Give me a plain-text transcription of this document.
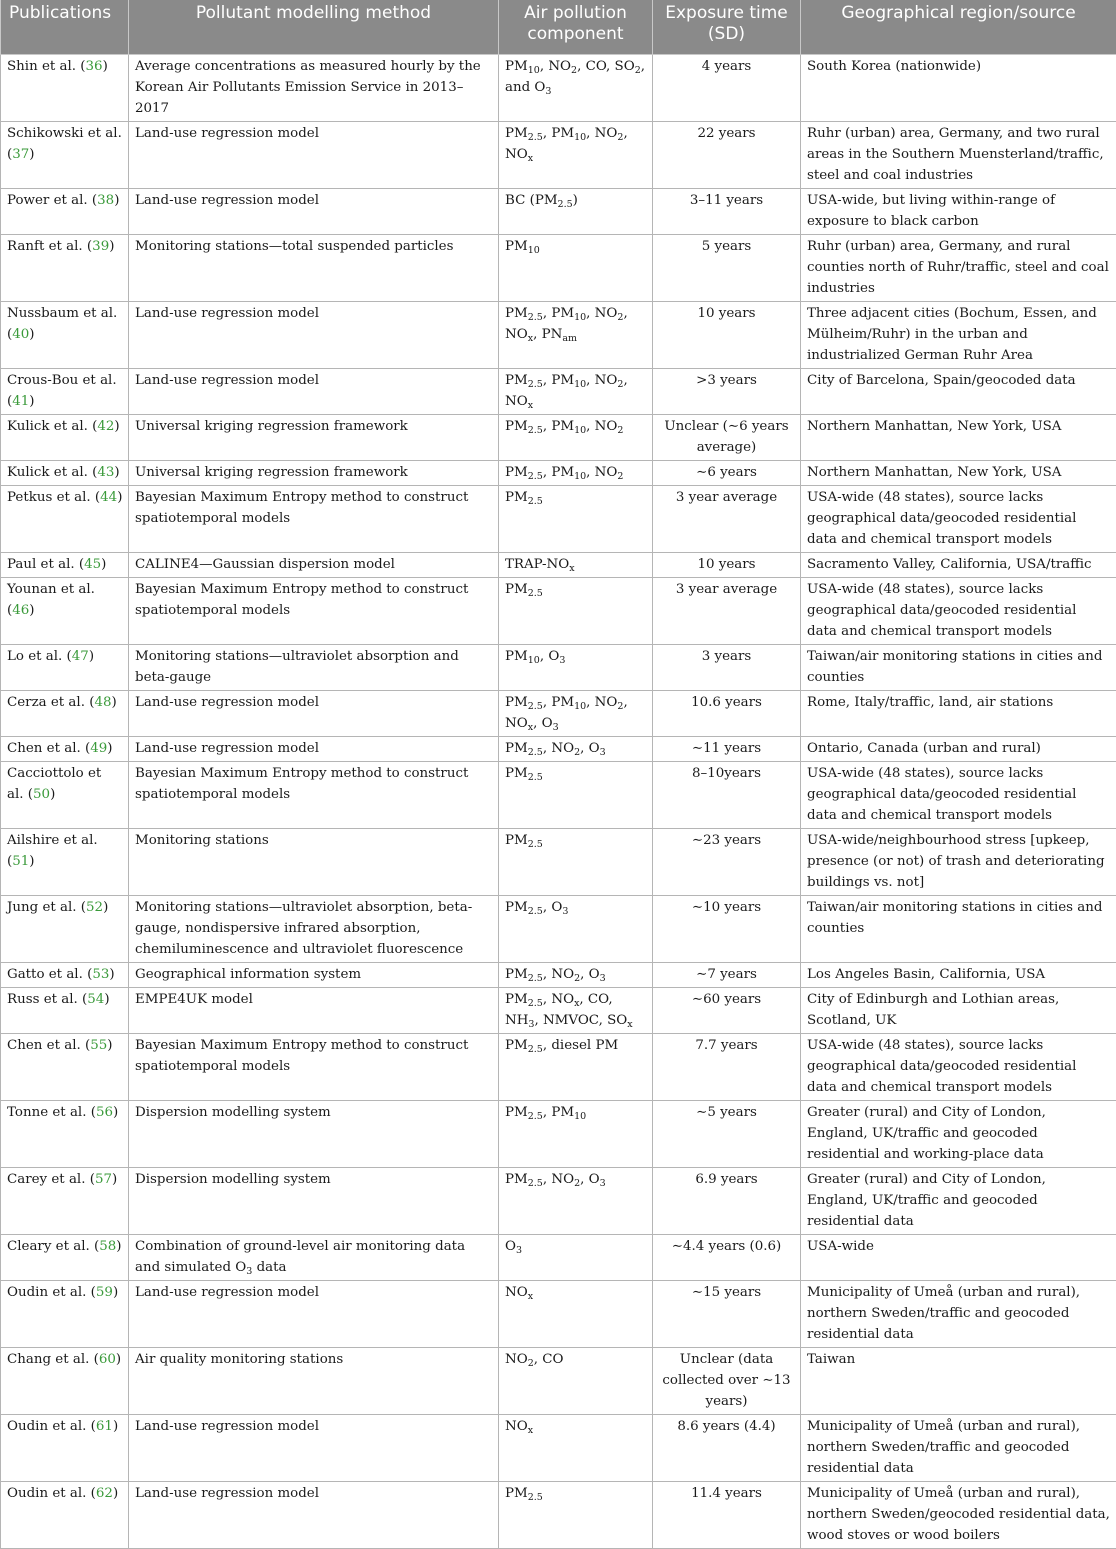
Publications	Pollutant modelling method	Air pollution component	Exposure time (SD)	Geographical region/source
Shin et al. (36)	Average concentrations as measured hourly by the Korean Air Pollutants Emission Service in 2013–2017	$PM_{10}$, $NO_2$, CO, $SO_2$, and $O_3$	4 years	South Korea (nationwide)
Schikowski et al. (37)	Land-use regression model	$PM_{2.5}$, $PM_{10}$, $NO_2$, $NO_x$	22 years	Ruhr (urban) area, Germany, and two rural areas in the Southern Muensterland/traffic, steel and coal industries
Power et al. (38)	Land-use regression model	BC $(PM_{2.5})$	3–11 years	USA-wide, but living within-range of exposure to black carbon
Ranft et al. (39)	Monitoring stations—total suspended particles	$PM_{10}$	5 years	Ruhr (urban) area, Germany, and rural counties north of Ruhr/traffic, steel and coal industries
Nussbaum et al. (40)	Land-use regression model	$PM_{2.5}$, $PM_{10}$, $NO_2$, $NO_x$, $PN_{am}$	10 years	Three adjacent cities (Bochum, Essen, and Mülheim/Ruhr) in the urban and industrialized German Ruhr Area
Crous-Bou et al. (41)	Land-use regression model	$PM_{2.5}$, $PM_{10}$, $NO_2$, $NO_x$	>3 years	City of Barcelona, Spain/geocoded data
Kulick et al. (42)	Universal kriging regression framework	$PM_{2.5}$, $PM_{10}$, $NO_2$	Unclear (∼6 years average)	Northern Manhattan, New York, USA
Kulick et al. (43)	Universal kriging regression framework	$PM_{2.5}$, $PM_{10}$, $NO_2$	∼6 years	Northern Manhattan, New York, USA
Petkus et al. (44)	Bayesian Maximum Entropy method to construct spatiotemporal models	$PM_{2.5}$	3 year average	USA-wide (48 states), source lacks geographical data/geocoded residential data and chemical transport models
Paul et al. (45)	CALINE4—Gaussian dispersion model	TRAP-$NO_x$	10 years	Sacramento Valley, California, USA/traffic
Younan et al. (46)	Bayesian Maximum Entropy method to construct spatiotemporal models	$PM_{2.5}$	3 year average	USA-wide (48 states), source lacks geographical data/geocoded residential data and chemical transport models
Lo et al. (47)	Monitoring stations—ultraviolet absorption and beta-gauge	$PM_{10}$, $O_3$	3 years	Taiwan/air monitoring stations in cities and counties
Cerza et al. (48)	Land-use regression model	$PM_{2.5}$, $PM_{10}$, $NO_2$, $NO_x$, $O_3$	10.6 years	Rome, Italy/traffic, land, air stations
Chen et al. (49)	Land-use regression model	$PM_{2.5}$, $NO_2$, $O_3$	∼11 years	Ontario, Canada (urban and rural)
Cacciottolo et al. (50)	Bayesian Maximum Entropy method to construct spatiotemporal models	$PM_{2.5}$	8–10years	USA-wide (48 states), source lacks geographical data/geocoded residential data and chemical transport models
Ailshire et al. (51)	Monitoring stations	$PM_{2.5}$	∼23 years	USA-wide/neighbourhood stress [upkeep, presence (or not) of trash and deteriorating buildings vs. not]
Jung et al. (52)	Monitoring stations—ultraviolet absorption, beta-gauge, nondispersive infrared absorption, chemiluminescence and ultraviolet fluorescence	$PM_{2.5}$, $O_3$	∼10 years	Taiwan/air monitoring stations in cities and counties
Gatto et al. (53)	Geographical information system	$PM_{2.5}$, $NO_2$, $O_3$	∼7 years	Los Angeles Basin, California, USA
Russ et al. (54)	EMPE4UK model	$PM_{2.5}$, $NO_x$, CO, $NH_3$, NMVOC, $SO_x$	∼60 years	City of Edinburgh and Lothian areas, Scotland, UK
Chen et al. (55)	Bayesian Maximum Entropy method to construct spatiotemporal models	$PM_{2.5}$, diesel PM	7.7 years	USA-wide (48 states), source lacks geographical data/geocoded residential data and chemical transport models
Tonne et al. (56)	Dispersion modelling system	$PM_{2.5}$, $PM_{10}$	∼5 years	Greater (rural) and City of London, England, UK/traffic and geocoded residential and working-place data
Carey et al. (57)	Dispersion modelling system	$PM_{2.5}$, $NO_2$, $O_3$	6.9 years	Greater (rural) and City of London, England, UK/traffic and geocoded residential data
Cleary et al. (58)	Combination of ground-level air monitoring data and simulated $O_3$ data	$O_3$	∼4.4 years (0.6)	USA-wide
Oudin et al. (59)	Land-use regression model	$NO_x$	∼15 years	Municipality of Umeå (urban and rural), northern Sweden/traffic and geocoded residential data
Chang et al. (60)	Air quality monitoring stations	$NO_2$, CO	Unclear (data collected over ∼13 years)	Taiwan
Oudin et al. (61)	Land-use regression model	$NO_x$	8.6 years (4.4)	Municipality of Umeå (urban and rural), northern Sweden/traffic and geocoded residential data
Oudin et al. (62)	Land-use regression model	$PM_{2.5}$	11.4 years	Municipality of Umeå (urban and rural), northern Sweden/geocoded residential data, wood stoves or wood boilers
